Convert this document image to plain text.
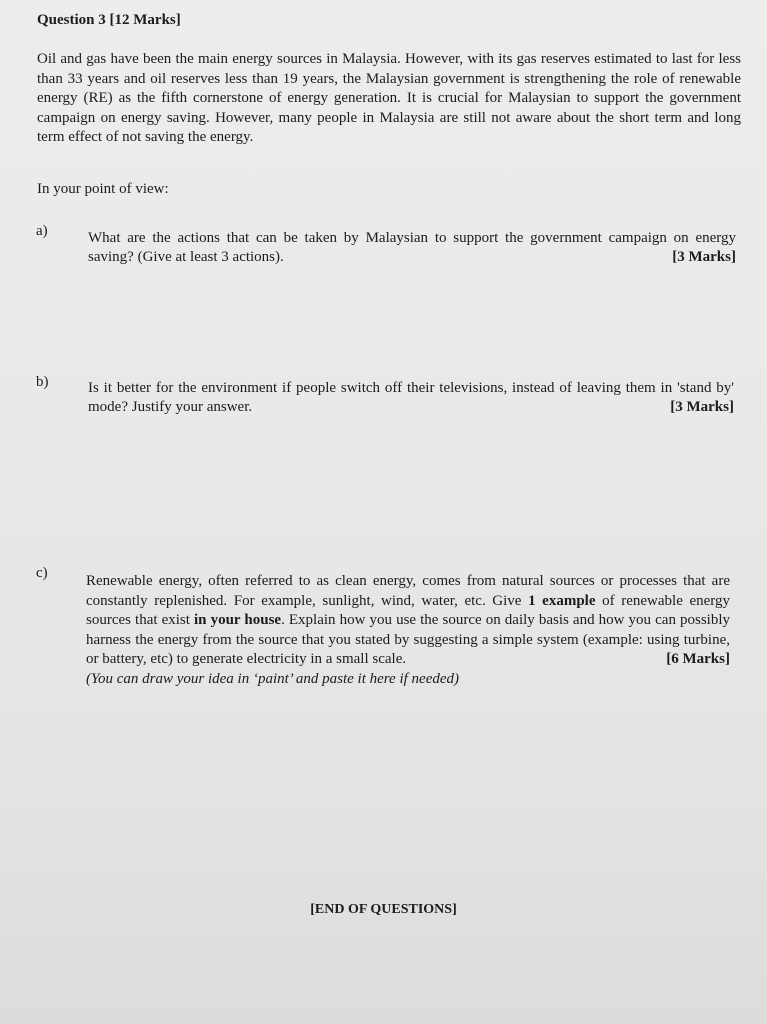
Question 3 [12 Marks]
Oil and gas have been the main energy sources in Malaysia. However, with its gas reserves estimated to last for less than 33 years and oil reserves less than 19 years, the Malaysian government is strengthening the role of renewable energy (RE) as the fifth cornerstone of energy generation. It is crucial for Malaysian to support the government campaign on energy saving. However, many people in Malaysia are still not aware about the short term and long term effect of not saving the energy.
In your point of view:
a)	What are the actions that can be taken by Malaysian to support the government campaign on energy saving? (Give at least 3 actions).	[3 Marks]
b)	Is it better for the environment if people switch off their televisions, instead of leaving them in 'stand by' mode? Justify your answer.	[3 Marks]
c)	Renewable energy, often referred to as clean energy, comes from natural sources or processes that are constantly replenished. For example, sunlight, wind, water, etc. Give 1 example of renewable energy sources that exist in your house. Explain how you use the source on daily basis and how you can possibly harness the energy from the source that you stated by suggesting a simple system (example: using turbine, or battery, etc) to generate electricity in a small scale.	[6 Marks]

(You can draw your idea in ‘paint’ and paste it here if needed)
[END OF QUESTIONS]
